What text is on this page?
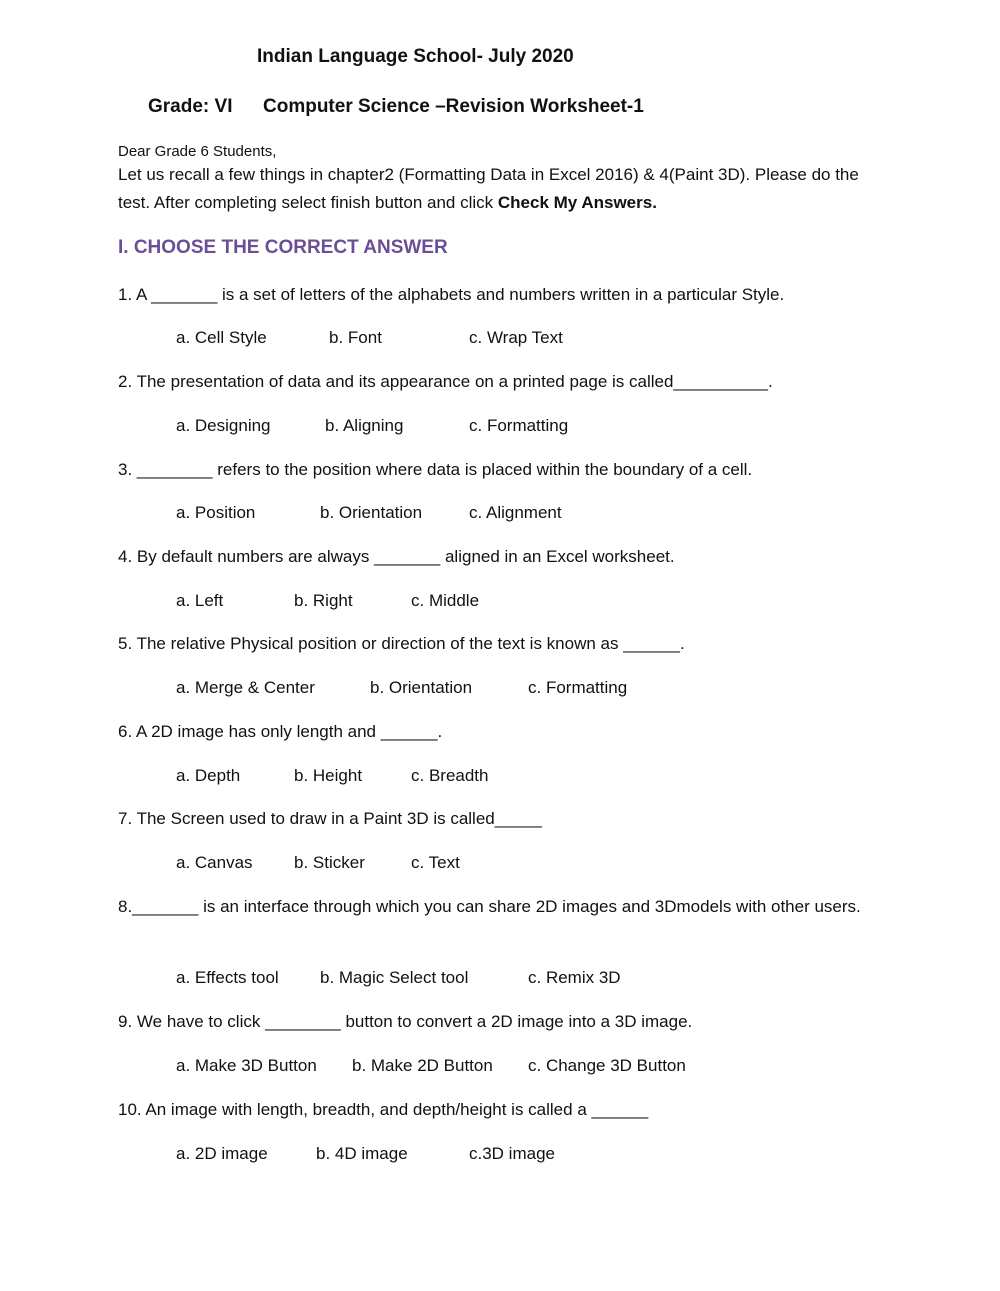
Indian Language School- July 2020
Grade: VI Computer Science –Revision Worksheet-1
Dear Grade 6 Students,
Let us recall a few things in chapter2 (Formatting Data in Excel 2016) & 4(Paint 3D). Please do the test. After completing select finish button and click Check My Answers.
I. CHOOSE THE CORRECT ANSWER
1. A _______ is a set of letters of the alphabets and numbers written in a particular Style.
a. Cell Style	b. Font	c. Wrap Text
2. The presentation of data and its appearance on a printed page is called__________.
a. Designing	b. Aligning	c. Formatting
3. ________ refers to the position where data is placed within the boundary of a cell.
a. Position	b. Orientation	c. Alignment
4. By default numbers are always _______ aligned in an Excel worksheet.
a. Left	b. Right	c. Middle
5. The relative Physical position or direction of the text is known as ______.
a. Merge & Center	b. Orientation	c. Formatting
6. A 2D image has only length and ______.
a. Depth	b. Height	c. Breadth
7. The Screen used to draw in a Paint 3D is called_____
a. Canvas b. Sticker	c. Text
8._______ is an interface through which you can share 2D images and 3Dmodels with other users.
a. Effects tool b. Magic Select tool	c. Remix 3D
9. We have to click ________ button to convert a 2D image into a 3D image.
a. Make 3D Button b. Make 2D Button c. Change 3D Button
10. An image with length, breadth, and depth/height is called a ______
a. 2D image	b. 4D image	c.3D image
